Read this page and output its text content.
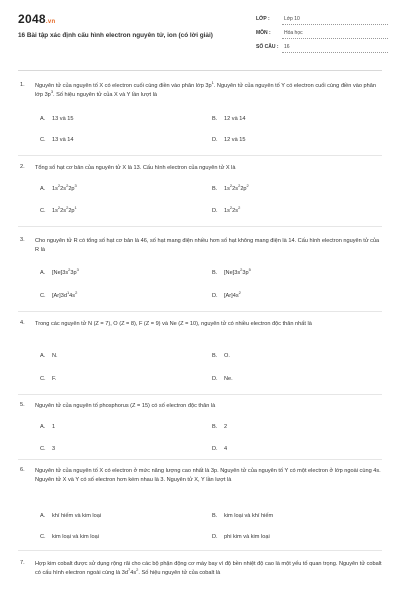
2048.vn
16 Bài tập xác định cấu hình electron nguyên tử, ion (có lời giải)
LỚP :	Lớp 10
MÔN :	Hóa học
SỐ CÂU : 16
1. Nguyên tử của nguyên tố X có electron cuối cùng điền vào phân lớp $3p^1$. Nguyên tử của nguyên tố Y có electron cuối cùng điền vào phân lớp $3p^3$. Số hiệu nguyên tử của X và Y lần lượt là
A. 13 và 15	B. 12 và 14
C. 13 và 14	D. 12 và 15
2. Tổng số hạt cơ bản của nguyên tử X là 13. Cấu hình electron của nguyên tử X là
A. $1s^22s^22p^3$
B. $1s^22s^22p^2$
C. $1s^22s^22p^1$
D. $1s^22s^2$
3. Cho nguyên tử R có tổng số hạt cơ bản là 46, số hạt mang điện nhiều hơn số hạt không mang điện là 14. Cấu hình electron nguyên tử của R là
A. $[Ne]3s^23p^3$
B. $[Ne]3s^23p^5$
C. $[Ar]3d^14s^2$
D. $[Ar]4s^2$
4. Trong các nguyên tử N (Z = 7), O (Z = 8), F (Z = 9) và Ne (Z = 10), nguyên tử có nhiều electron độc thân nhất là
A. N.	B. O.
C. F.	D. Ne.
5. Nguyên tử của nguyên tố phosphorus (Z = 15) có số electron độc thân là
A. 1	B. 2
C. 3	D. 4
6. Nguyên tử của nguyên tố X có electron ở mức năng lượng cao nhất là 3p. Nguyên tử của nguyên tố Y có một electron ở lớp ngoài cùng 4s. Nguyên tử X và Y có số electron hơn kém nhau là 3. Nguyên tử X, Y lần lượt là
A. khí hiếm và kim loại	B. kim loại và khí hiếm
C. kim loại và kim loại	D. phi kim và kim loại
7. Hợp kim cobalt được sử dụng rộng rãi cho các bộ phận động cơ máy bay vì độ bền nhiệt độ cao là một yếu tố quan trọng. Nguyên tử cobalt có cấu hình electron ngoài cùng là $3d^74s^2$. Số hiệu nguyên tử của cobalt là
